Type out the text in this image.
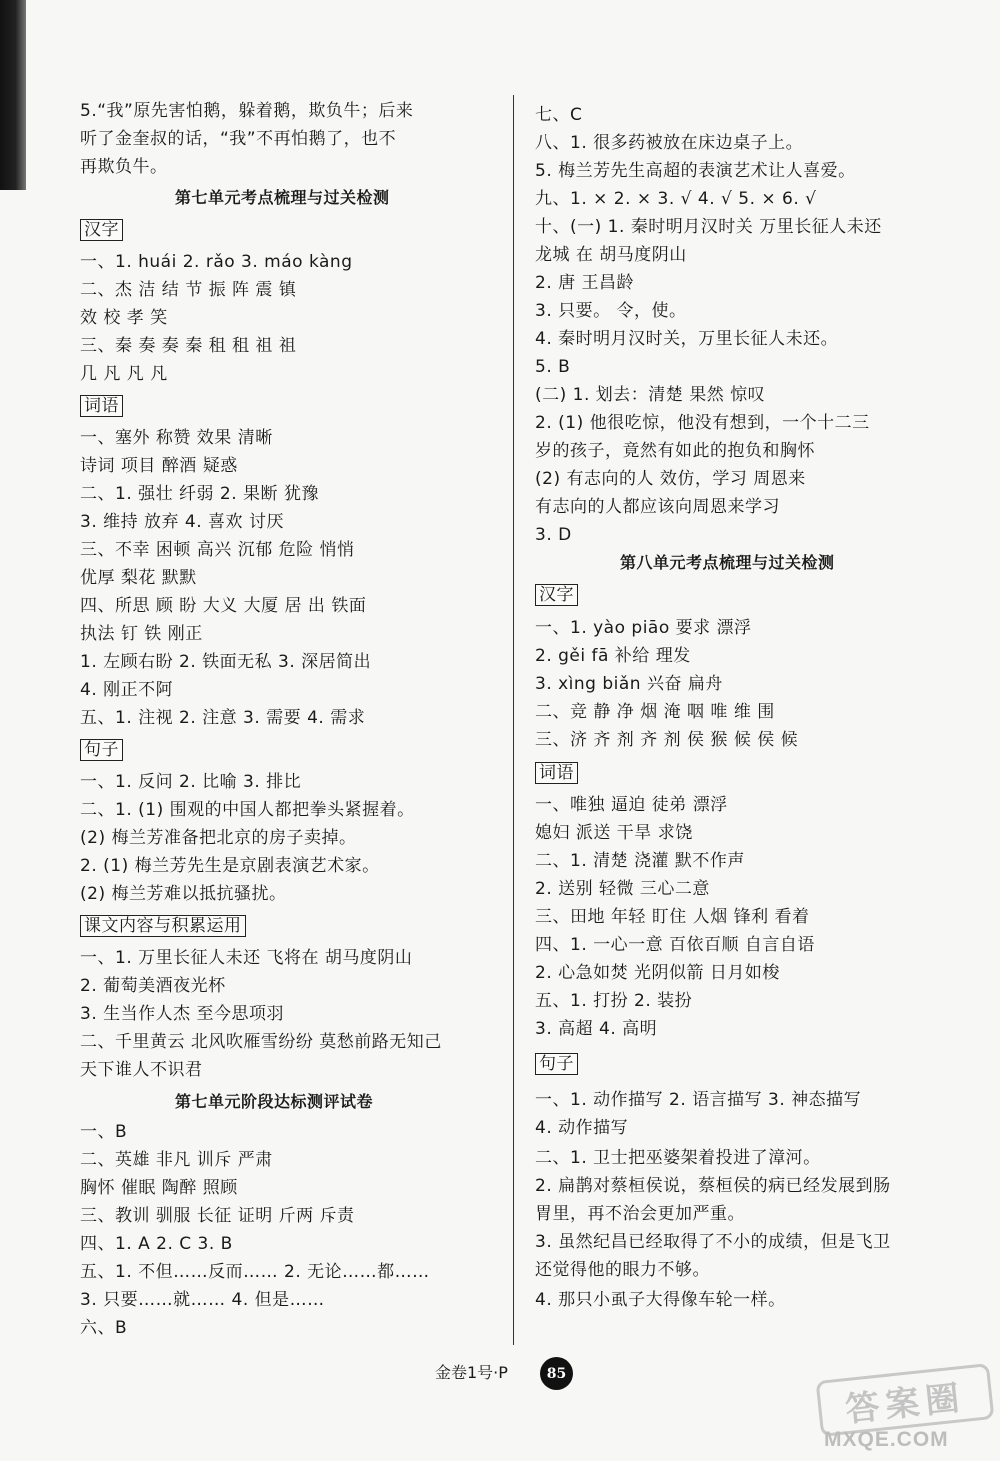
5.“我”原先害怕鹅，躲着鹅，欺负牛；后来
听了金奎叔的话，“我”不再怕鹅了，也不
再欺负牛。
第七单元考点梳理与过关检测
汉字
一、1. huái 2. rǎo 3. máo kàng
二、杰 洁 结 节 振 阵 震 镇
效 校 孝 笑
三、秦 奏 奏 秦 租 租 祖 祖
几 凡 凡 凡
词语
一、塞外 称赞 效果 清晰
诗词 项目 醉酒 疑惑
二、1. 强壮 纤弱 2. 果断 犹豫
3. 维持 放弃 4. 喜欢 讨厌
三、不幸 困顿 高兴 沉郁 危险 悄悄
优厚 梨花 默默
四、所思 顾 盼 大义 大厦 居 出 铁面
执法 钉 铁 刚正
1. 左顾右盼 2. 铁面无私 3. 深居简出
4. 刚正不阿
五、1. 注视 2. 注意 3. 需要 4. 需求
句子
一、1. 反问 2. 比喻 3. 排比
二、1. (1) 围观的中国人都把拳头紧握着。
(2) 梅兰芳准备把北京的房子卖掉。
2. (1) 梅兰芳先生是京剧表演艺术家。
(2) 梅兰芳难以抵抗骚扰。
课文内容与积累运用
一、1. 万里长征人未还 飞将在 胡马度阴山
2. 葡萄美酒夜光杯
3. 生当作人杰 至今思项羽
二、千里黄云 北风吹雁雪纷纷 莫愁前路无知己
天下谁人不识君
第七单元阶段达标测评试卷
一、B
二、英雄 非凡 训斥 严肃
胸怀 催眠 陶醉 照顾
三、教训 驯服 长征 证明 斤两 斥责
四、1. A 2. C 3. B
五、1. 不但……反而…… 2. 无论……都……
3. 只要……就…… 4. 但是……
六、B
七、C
八、1. 很多药被放在床边桌子上。
5. 梅兰芳先生高超的表演艺术让人喜爱。
九、1. × 2. × 3. √ 4. √ 5. × 6. √
十、(一) 1. 秦时明月汉时关 万里长征人未还
龙城 在 胡马度阴山
2. 唐 王昌龄
3. 只要。 令，使。
4. 秦时明月汉时关，万里长征人未还。
5. B
(二) 1. 划去：清楚 果然 惊叹
2. (1) 他很吃惊，他没有想到，一个十二三
岁的孩子，竟然有如此的抱负和胸怀
(2) 有志向的人 效仿，学习 周恩来
有志向的人都应该向周恩来学习
3. D
第八单元考点梳理与过关检测
汉字
一、1. yào piāo 要求 漂浮
2. gěi fā 补给 理发
3. xìng biǎn 兴奋 扁舟
二、竞 静 净 烟 淹 咽 唯 维 围
三、济 齐 剂 齐 剂 侯 猴 候 侯 候
词语
一、唯独 逼迫 徒弟 漂浮
媳妇 派送 干旱 求饶
二、1. 清楚 浇灌 默不作声
2. 送别 轻微 三心二意
三、田地 年轻 盯住 人烟 锋利 看着
四、1. 一心一意 百依百顺 自言自语
2. 心急如焚 光阴似箭 日月如梭
五、1. 打扮 2. 装扮
3. 高超 4. 高明
句子
一、1. 动作描写 2. 语言描写 3. 神态描写
4. 动作描写
二、1. 卫士把巫婆架着投进了漳河。
2. 扁鹊对蔡桓侯说，蔡桓侯的病已经发展到肠
胃里，再不治会更加严重。
3. 虽然纪昌已经取得了不小的成绩，但是飞卫
还觉得他的眼力不够。
4. 那只小虱子大得像车轮一样。
金卷1号·P	85
答案圈
MXQE.COM
